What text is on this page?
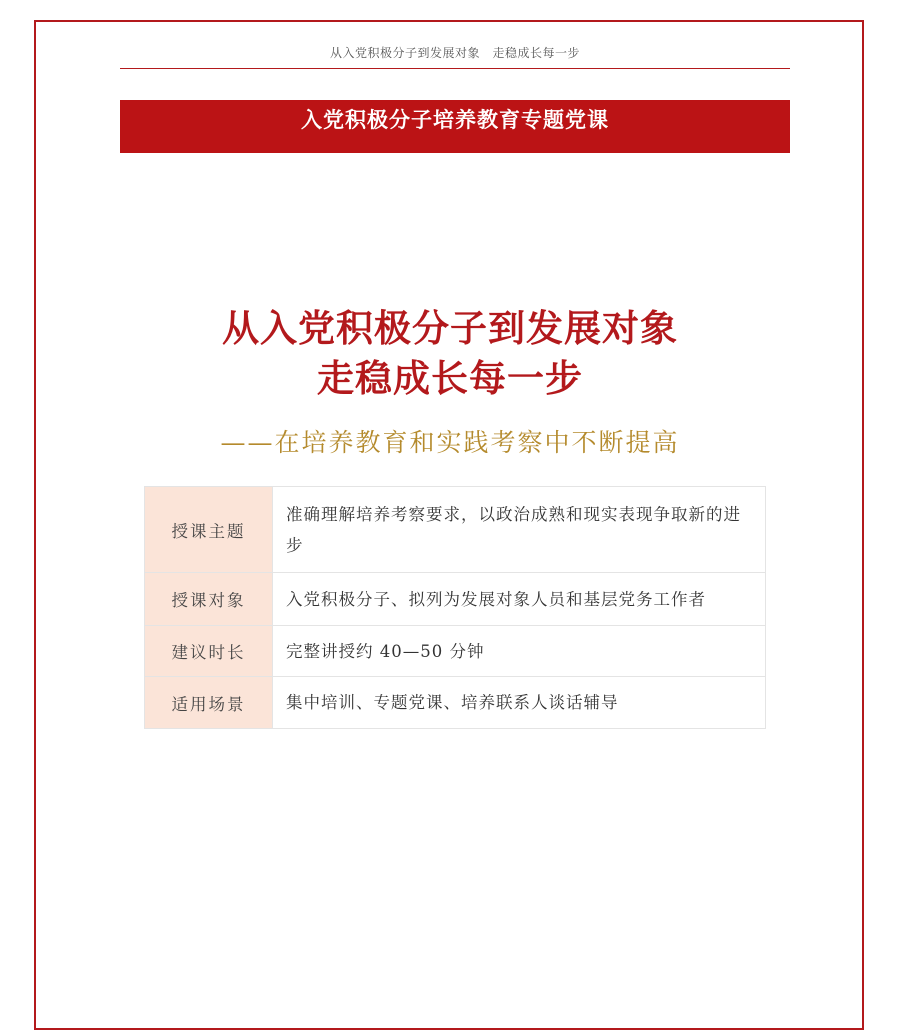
从入党积极分子到发展对象　走稳成长每一步
入党积极分子培养教育专题党课
从入党积极分子到发展对象
走稳成长每一步
——在培养教育和实践考察中不断提高
授课主题	准确理解培养考察要求，以政治成熟和现实表现争取新的进步
授课对象	入党积极分子、拟列为发展对象人员和基层党务工作者
建议时长	完整讲授约 40—50 分钟
适用场景	集中培训、专题党课、培养联系人谈话辅导
